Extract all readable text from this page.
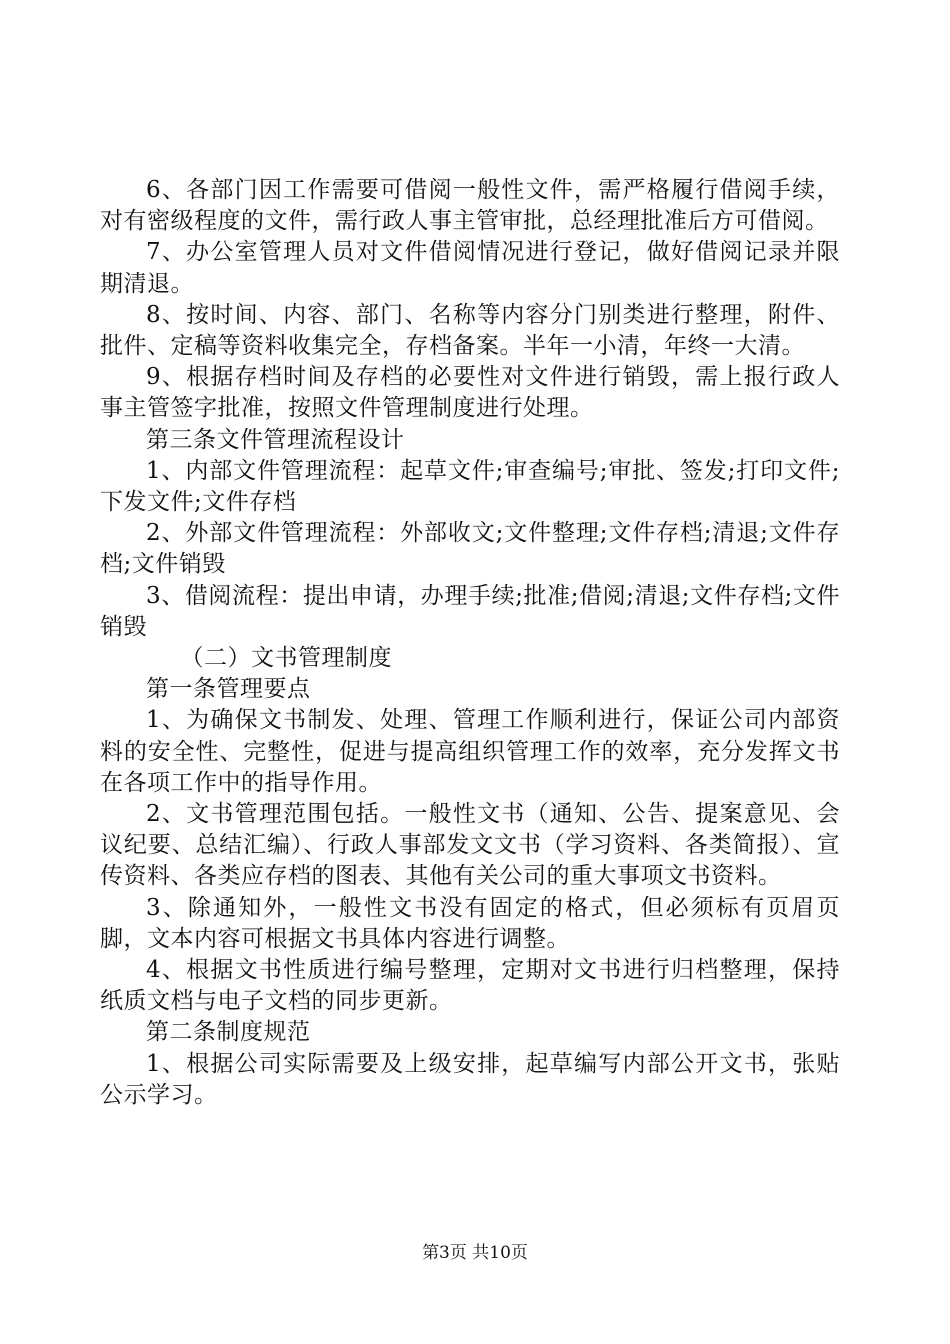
6、各部门因工作需要可借阅一般性文件，需严格履行借阅手续，对有密级程度的文件，需行政人事主管审批，总经理批准后方可借阅。

7、办公室管理人员对文件借阅情况进行登记，做好借阅记录并限期清退。

8、按时间、内容、部门、名称等内容分门别类进行整理，附件、批件、定稿等资料收集完全，存档备案。半年一小清，年终一大清。

9、根据存档时间及存档的必要性对文件进行销毁，需上报行政人事主管签字批准，按照文件管理制度进行处理。

第三条文件管理流程设计

1、内部文件管理流程：起草文件;审查编号;审批、签发;打印文件;下发文件;文件存档

2、外部文件管理流程：外部收文;文件整理;文件存档;清退;文件存档;文件销毁

3、借阅流程：提出申请，办理手续;批准;借阅;清退;文件存档;文件销毁

（二）文书管理制度

第一条管理要点

1、为确保文书制发、处理、管理工作顺利进行，保证公司内部资料的安全性、完整性，促进与提高组织管理工作的效率，充分发挥文书在各项工作中的指导作用。

2、文书管理范围包括。一般性文书（通知、公告、提案意见、会议纪要、总结汇编）、行政人事部发文文书（学习资料、各类简报）、宣传资料、各类应存档的图表、其他有关公司的重大事项文书资料。

3、除通知外，一般性文书没有固定的格式，但必须标有页眉页脚，文本内容可根据文书具体内容进行调整。

4、根据文书性质进行编号整理，定期对文书进行归档整理，保持纸质文档与电子文档的同步更新。

第二条制度规范

1、根据公司实际需要及上级安排，起草编写内部公开文书，张贴公示学习。

第3页 共10页
